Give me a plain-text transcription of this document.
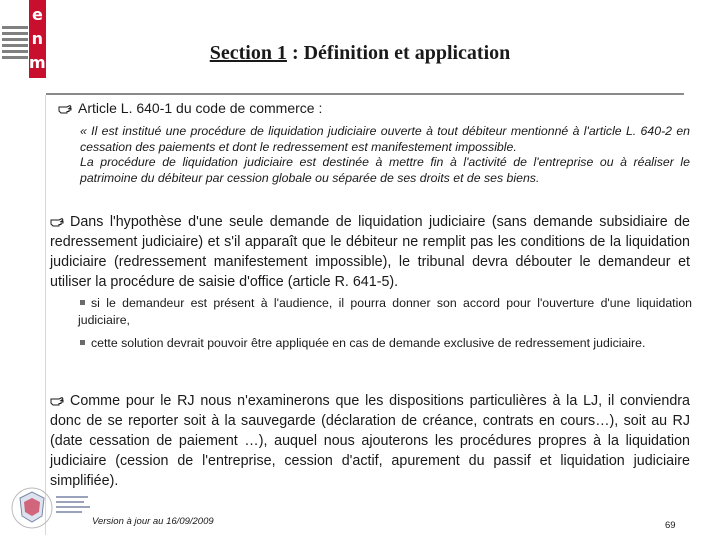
e
n
m	Section 1 : Définition et application
Article L. 640-1 du code de commerce :

« Il est institué une procédure de liquidation judiciaire ouverte à tout débiteur mentionné à l'article L. 640-2 en cessation des paiements et dont le redressement est manifestement impossible.

La procédure de liquidation judiciaire est destinée à mettre fin à l'activité de l'entreprise ou à réaliser le patrimoine du débiteur par cession globale ou séparée de ses droits et de ses biens.

Dans l'hypothèse d'une seule demande de liquidation judiciaire (sans demande subsidiaire de redressement judiciaire) et s'il apparaît que le débiteur ne remplit pas les conditions de la liquidation judiciaire (redressement manifestement impossible), le tribunal devra débouter le demandeur et utiliser la procédure de saisie d'office (article R. 641-5).
si le demandeur est présent à l'audience, il pourra donner son accord pour l'ouverture d'une liquidation judiciaire,
cette solution devrait pouvoir être appliquée en cas de demande exclusive de redressement judiciaire.
Comme pour le RJ nous n'examinerons que les dispositions particulières à la LJ, il conviendra donc de se reporter soit à la sauvegarde (déclaration de créance, contrats en cours…), soit au RJ (date cessation de paiement …), auquel nous ajouterons les procédures propres à la liquidation judiciaire (cession de l'entreprise, cession d'actif, apurement du passif et liquidation judiciaire simplifiée).
Version à jour au 16/09/2009	69
